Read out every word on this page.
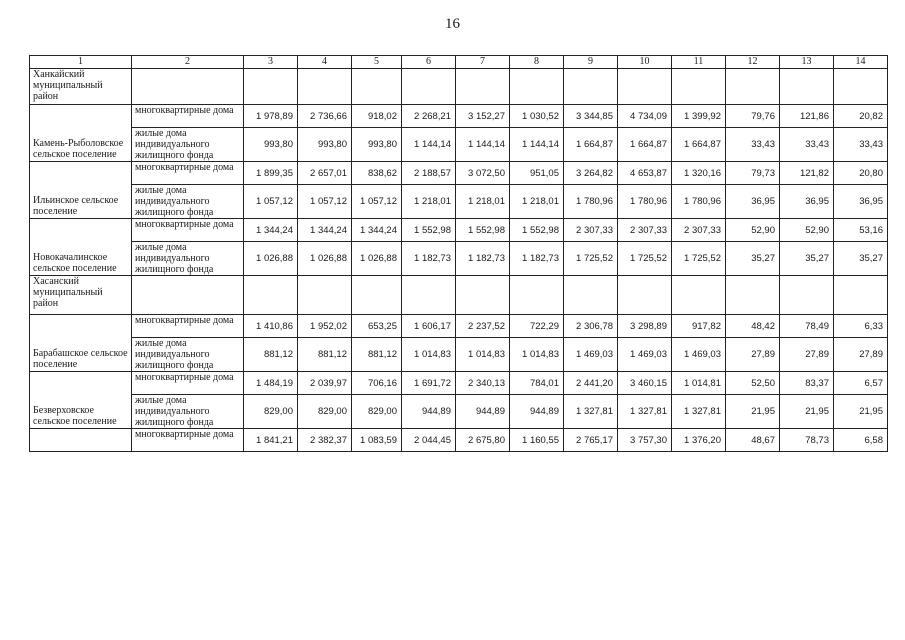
16
1	2	3	4	5	6	7	8	9	10	11	12	13	14
Ханкайский муниципальный район													
Камень-Рыболовское сельское поселение	многоквартирные дома	1 978,89	2 736,66	918,02	2 268,21	3 152,27	1 030,52	3 344,85	4 734,09	1 399,92	79,76	121,86	20,82
	жилые дома индивидуального жилищного фонда	993,80	993,80	993,80	1 144,14	1 144,14	1 144,14	1 664,87	1 664,87	1 664,87	33,43	33,43	33,43
Ильинское сельское поселение	многоквартирные дома	1 899,35	2 657,01	838,62	2 188,57	3 072,50	951,05	3 264,82	4 653,87	1 320,16	79,73	121,82	20,80
	жилые дома индивидуального жилищного фонда	1 057,12	1 057,12	1 057,12	1 218,01	1 218,01	1 218,01	1 780,96	1 780,96	1 780,96	36,95	36,95	36,95
Новокачалинское сельское поселение	многоквартирные дома	1 344,24	1 344,24	1 344,24	1 552,98	1 552,98	1 552,98	2 307,33	2 307,33	2 307,33	52,90	52,90	53,16
	жилые дома индивидуального жилищного фонда	1 026,88	1 026,88	1 026,88	1 182,73	1 182,73	1 182,73	1 725,52	1 725,52	1 725,52	35,27	35,27	35,27
Хасанский муниципальный район													
Барабашское сельское поселение	многоквартирные дома	1 410,86	1 952,02	653,25	1 606,17	2 237,52	722,29	2 306,78	3 298,89	917,82	48,42	78,49	6,33
	жилые дома индивидуального жилищного фонда	881,12	881,12	881,12	1 014,83	1 014,83	1 014,83	1 469,03	1 469,03	1 469,03	27,89	27,89	27,89
Безверховское сельское поселение	многоквартирные дома	1 484,19	2 039,97	706,16	1 691,72	2 340,13	784,01	2 441,20	3 460,15	1 014,81	52,50	83,37	6,57
	жилые дома индивидуального жилищного фонда	829,00	829,00	829,00	944,89	944,89	944,89	1 327,81	1 327,81	1 327,81	21,95	21,95	21,95
	многоквартирные дома	1 841,21	2 382,37	1 083,59	2 044,45	2 675,80	1 160,55	2 765,17	3 757,30	1 376,20	48,67	78,73	6,58
